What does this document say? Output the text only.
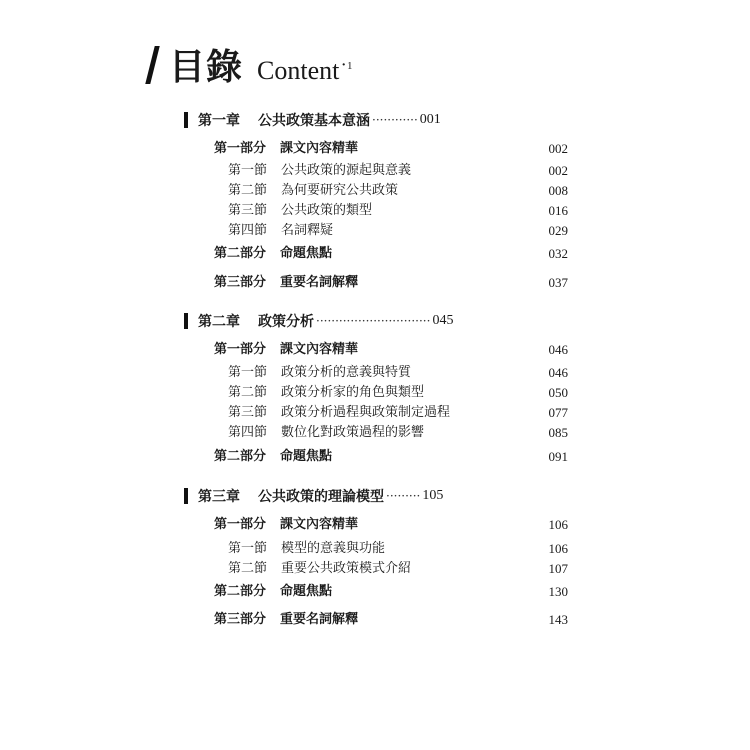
目錄 Content ·1
第一章 公共政策基本意涵 ············ 001
第一部分 課文內容精華	002
第一節 公共政策的源起與意義	002
第二節 為何要研究公共政策	008
第三節 公共政策的類型	016
第四節 名詞釋疑	029
第二部分 命題焦點	032
第三部分 重要名詞解釋	037
第二章 政策分析 ······························ 045
第一部分 課文內容精華	046
第一節 政策分析的意義與特質	046
第二節 政策分析家的角色與類型	050
第三節 政策分析過程與政策制定過程	077
第四節 數位化對政策過程的影響	085
第二部分 命題焦點	091
第三章 公共政策的理論模型 ········· 105
第一部分 課文內容精華	106
第一節 模型的意義與功能	106
第二節 重要公共政策模式介紹	107
第二部分 命題焦點	130
第三部分 重要名詞解釋	143
